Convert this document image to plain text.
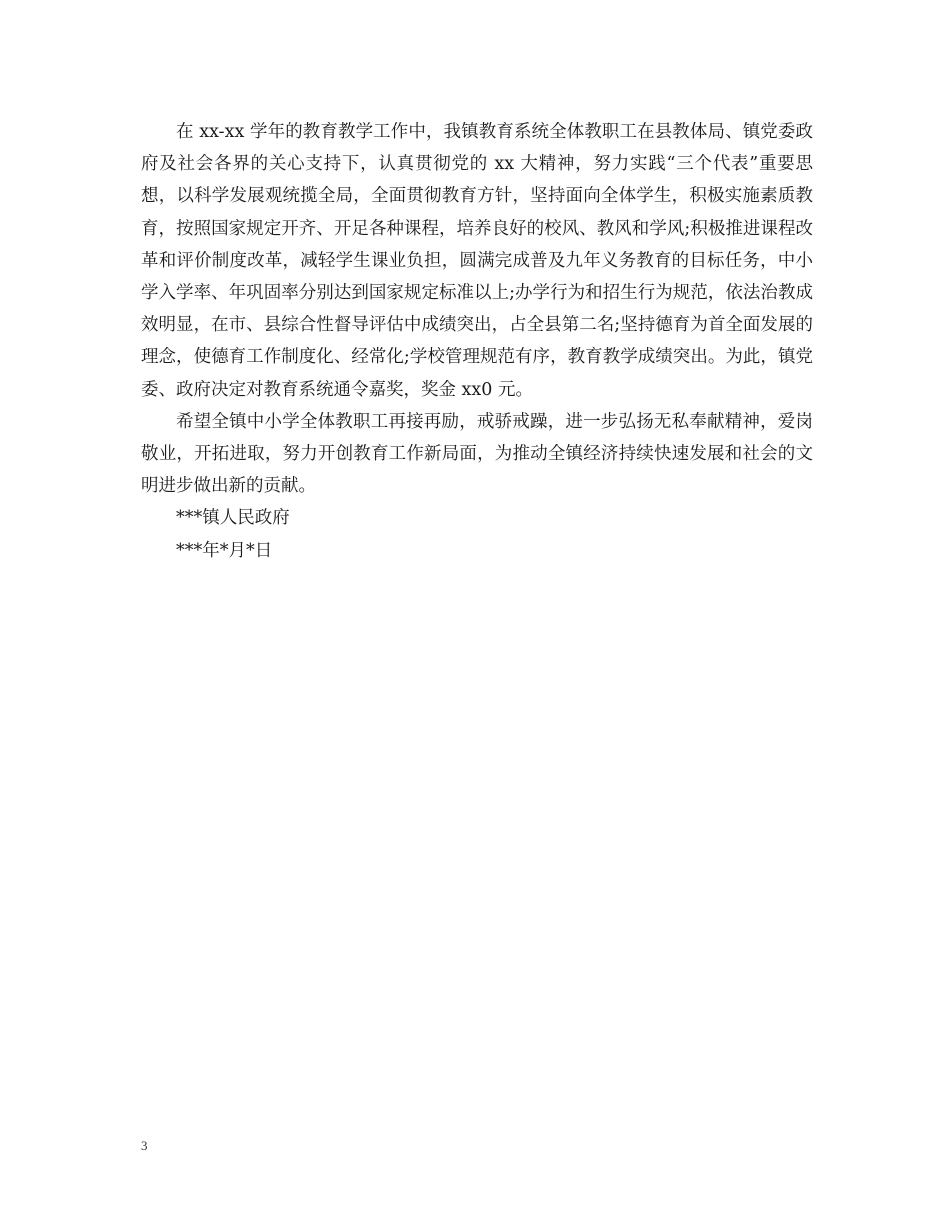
在 xx-xx 学年的教育教学工作中，我镇教育系统全体教职工在县教体局、镇党委政府及社会各界的关心支持下，认真贯彻党的 xx 大精神，努力实践“三个代表”重要思想，以科学发展观统揽全局，全面贯彻教育方针，坚持面向全体学生，积极实施素质教育，按照国家规定开齐、开足各种课程，培养良好的校风、教风和学风;积极推进课程改革和评价制度改革，减轻学生课业负担，圆满完成普及九年义务教育的目标任务，中小学入学率、年巩固率分别达到国家规定标准以上;办学行为和招生行为规范，依法治教成效明显，在市、县综合性督导评估中成绩突出，占全县第二名;坚持德育为首全面发展的理念，使德育工作制度化、经常化;学校管理规范有序，教育教学成绩突出。为此，镇党委、政府决定对教育系统通令嘉奖，奖金 xx0 元。

希望全镇中小学全体教职工再接再励，戒骄戒躁，进一步弘扬无私奉献精神，爱岗敬业，开拓进取，努力开创教育工作新局面，为推动全镇经济持续快速发展和社会的文明进步做出新的贡献。

***镇人民政府

***年*月*日

3
